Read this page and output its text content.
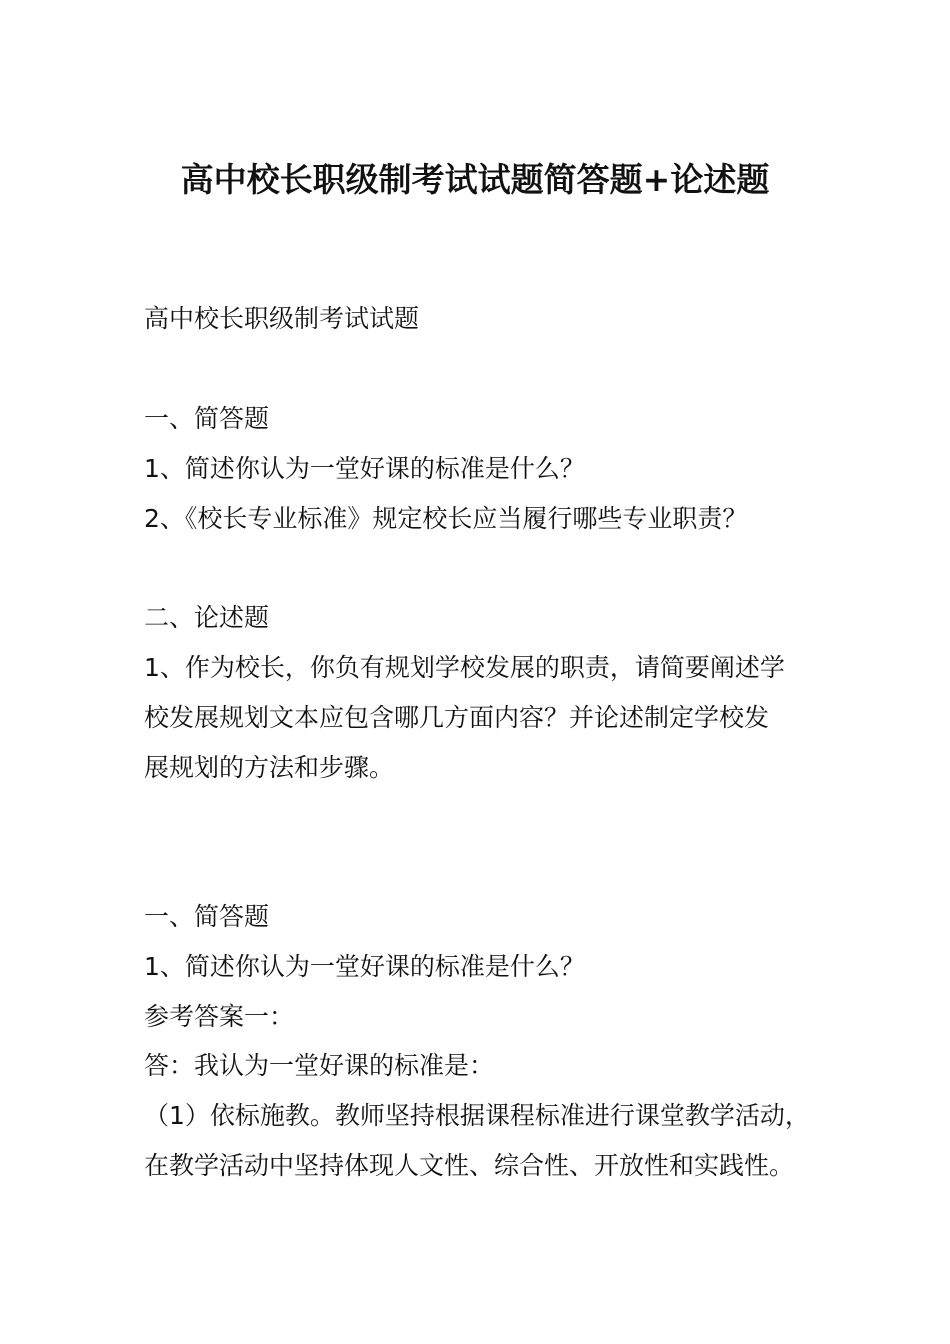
高中校长职级制考试试题简答题+论述题
高中校长职级制考试试题
一、简答题
1、简述你认为一堂好课的标准是什么？
2、《校长专业标准》规定校长应当履行哪些专业职责？
二、论述题
1、作为校长，你负有规划学校发展的职责，请简要阐述学
校发展规划文本应包含哪几方面内容？并论述制定学校发
展规划的方法和步骤。
一、简答题
1、简述你认为一堂好课的标准是什么？
参考答案一：
答：我认为一堂好课的标准是：
（1）依标施教。教师坚持根据课程标准进行课堂教学活动，
在教学活动中坚持体现人文性、综合性、开放性和实践性。
